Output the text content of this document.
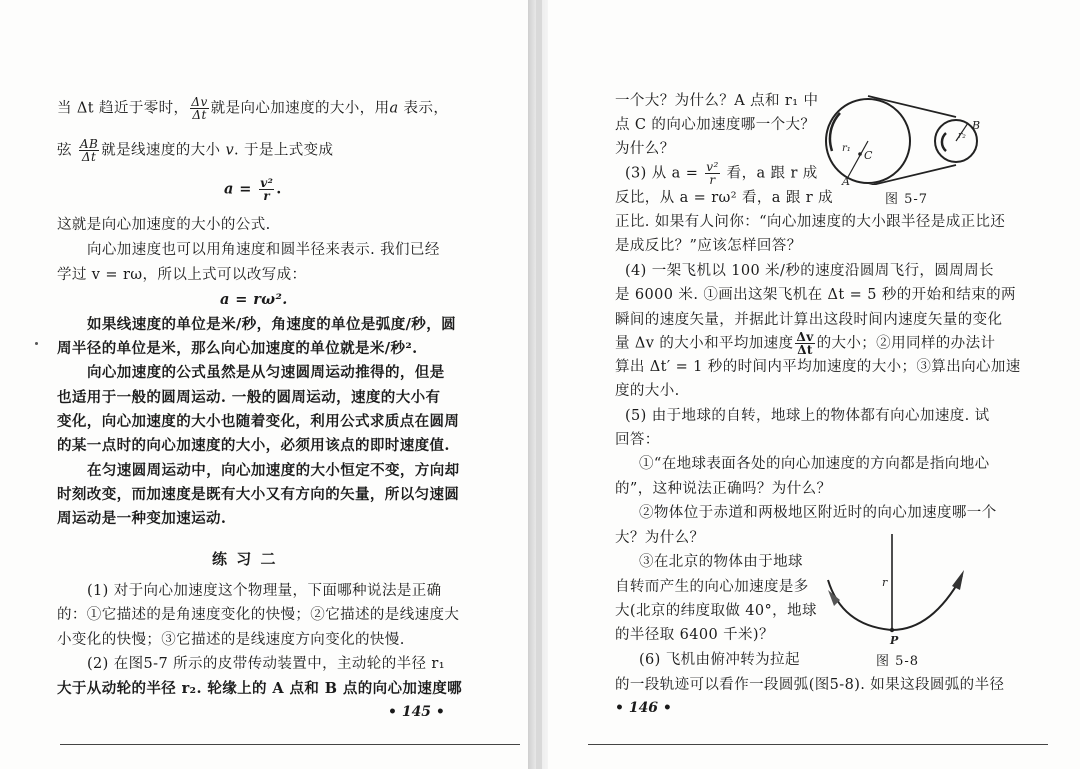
当 Δt 趋近于零时， $\frac{\Delta v}{\Delta t}$ 就是向心加速度的大小，用a 表示，
弦 $\frac{AB}{\Delta t}$ 就是线速度的大小 v. 于是上式变成
$a = \frac{\text{v²}}{r}$ .
这就是向心加速度的大小的公式.
向心加速度也可以用角速度和圆半径来表示. 我们已经
学过 v = rω，所以上式可以改写成：
a = rω².
如果线速度的单位是米/秒，角速度的单位是弧度/秒，圆
周半径的单位是米，那么向心加速度的单位就是米/秒².
向心加速度的公式虽然是从匀速圆周运动推得的，但是
也适用于一般的圆周运动. 一般的圆周运动，速度的大小有
变化，向心加速度的大小也随着变化，利用公式求质点在圆周
的某一点时的向心加速度的大小，必须用该点的即时速度值.
在匀速圆周运动中，向心加速度的大小恒定不变，方向却
时刻改变，而加速度是既有大小又有方向的矢量，所以匀速圆
周运动是一种变加速运动.
练 习 二
(1) 对于向心加速度这个物理量，下面哪种说法是正确
的：①它描述的是角速度变化的快慢；②它描述的是线速度大
小变化的快慢；③它描述的是线速度方向变化的快慢.
(2) 在图5-7 所示的皮带传动装置中，主动轮的半径 r₁
大于从动轮的半径 r₂. 轮缘上的 A 点和 B 点的向心加速度哪
• 145 •
一个大？为什么？A 点和 r₁ 中
点 C 的向心加速度哪一个大？
为什么？
(3) 从 $a = \frac{\text{v²}}{r}$ 看，a 跟 r 成
反比，从 a = rω² 看，a 跟 r 成
r₁
C
A
r₂
B
图 5-7
正比. 如果有人问你：“向心加速度的大小跟半径是成正比还
是成反比？”应该怎样回答？
(4) 一架飞机以 100 米/秒的速度沿圆周飞行，圆周周长
是 6000 米. ①画出这架飞机在 Δt = 5 秒的开始和结束的两
瞬间的速度矢量，并据此计算出这段时间内速度矢量的变化
量 Δv 的大小和平均加速度 $\frac{\Delta v}{\Delta t}$ 的大小；②用同样的办法计
算出 Δt′ = 1 秒的时间内平均加速度的大小；③算出向心加速
度的大小.
(5) 由于地球的自转，地球上的物体都有向心加速度. 试
回答：
①“在地球表面各处的向心加速度的方向都是指向地心
的”，这种说法正确吗？为什么？
②物体位于赤道和两极地区附近时的向心加速度哪一个
大？为什么？
③在北京的物体由于地球
自转而产生的向心加速度是多
大(北京的纬度取做 40°，地球
的半径取 6400 千米)？
(6) 飞机由俯冲转为拉起
r
P
图 5-8
的一段轨迹可以看作一段圆弧(图5-8). 如果这段圆弧的半径
• 146 •
